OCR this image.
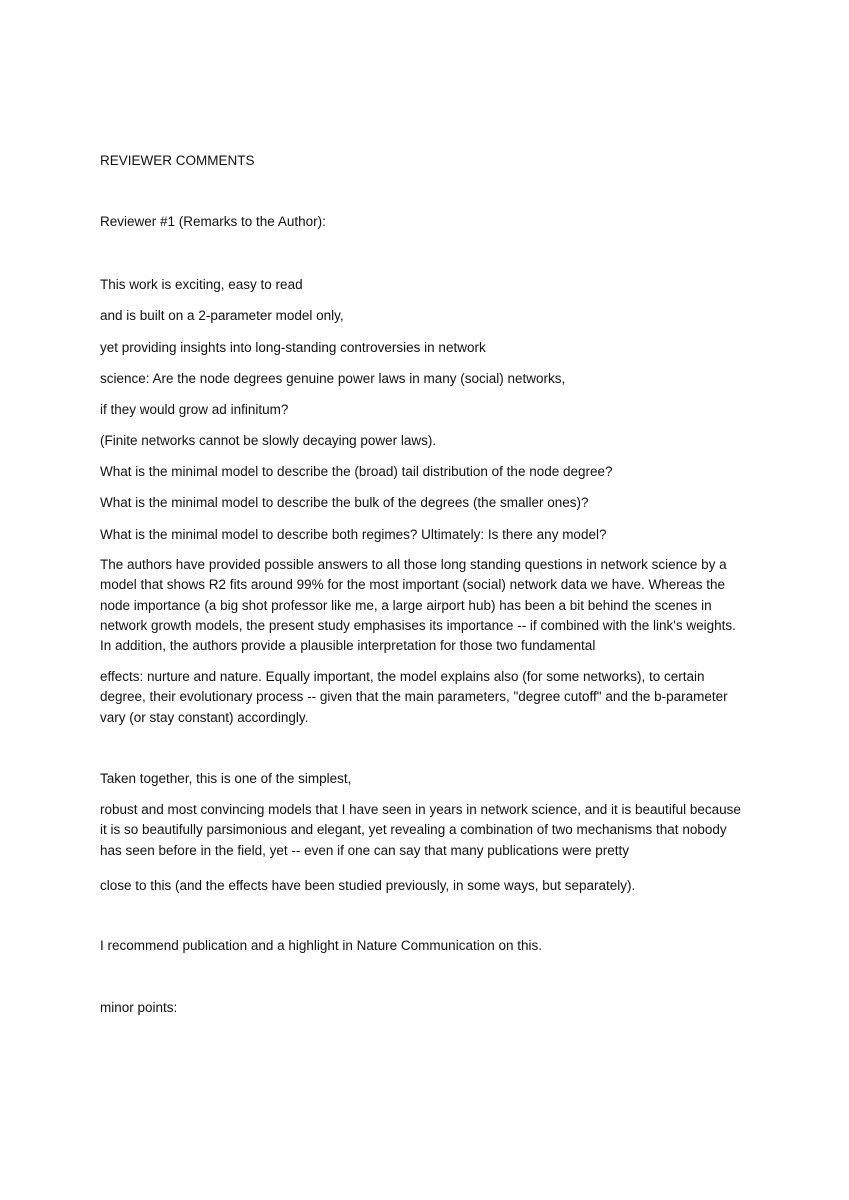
REVIEWER COMMENTS

Reviewer #1 (Remarks to the Author):

This work is exciting, easy to read

and is built on a 2-parameter model only,

yet providing insights into long-standing controversies in network

science: Are the node degrees genuine power laws in many (social) networks,

if they would grow ad infinitum?

(Finite networks cannot be slowly decaying power laws).

What is the minimal model to describe the (broad) tail distribution of the node degree?

What is the minimal model to describe the bulk of the degrees (the smaller ones)?

What is the minimal model to describe both regimes? Ultimately: Is there any model?

The authors have provided possible answers to all those long standing questions in network science by a model that shows R2 fits around 99% for the most important (social) network data we have. Whereas the node importance (a big shot professor like me, a large airport hub) has been a bit behind the scenes in network growth models, the present study emphasises its importance -- if combined with the link's weights. In addition, the authors provide a plausible interpretation for those two fundamental

effects: nurture and nature. Equally important, the model explains also (for some networks), to certain degree, their evolutionary process -- given that the main parameters, "degree cutoff" and the b-parameter vary (or stay constant) accordingly.

Taken together, this is one of the simplest,

robust and most convincing models that I have seen in years in network science, and it is beautiful because it is so beautifully parsimonious and elegant, yet revealing a combination of two mechanisms that nobody has seen before in the field, yet -- even if one can say that many publications were pretty

close to this (and the effects have been studied previously, in some ways, but separately).

I recommend publication and a highlight in Nature Communication on this.

minor points:
